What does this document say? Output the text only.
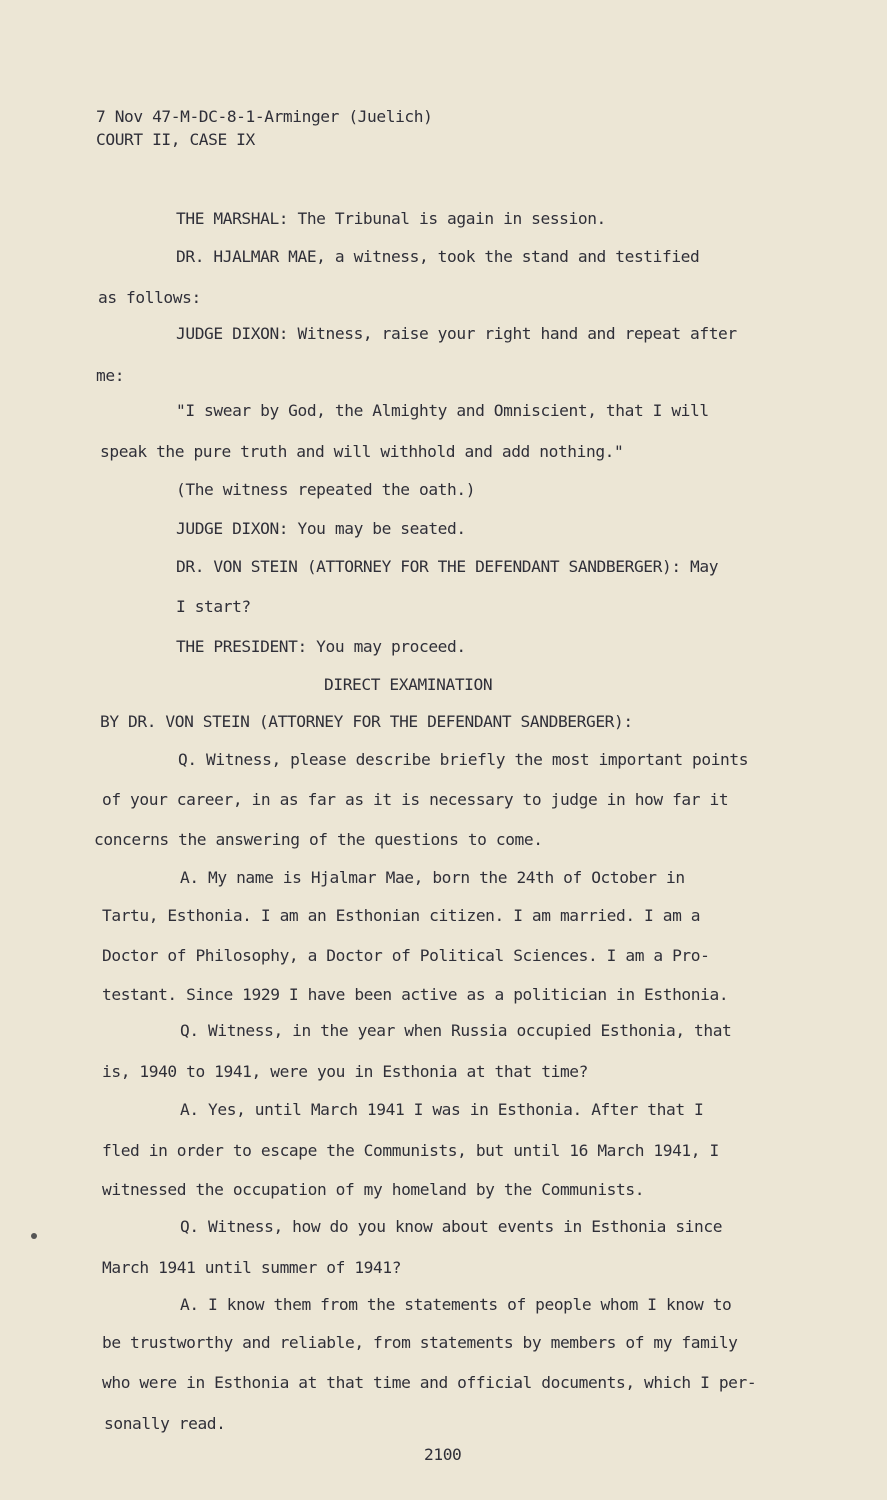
7 Nov 47-M-DC-8-1-Arminger (Juelich)
COURT II, CASE IX
THE MARSHAL: The Tribunal is again in session.
DR. HJALMAR MAE, a witness, took the stand and testified
as follows:
JUDGE DIXON: Witness, raise your right hand and repeat after
me:
"I swear by God, the Almighty and Omniscient, that I will
speak the pure truth and will withhold and add nothing."
(The witness repeated the oath.)
JUDGE DIXON: You may be seated.
DR. VON STEIN (ATTORNEY FOR THE DEFENDANT SANDBERGER): May
I start?
THE PRESIDENT: You may proceed.
DIRECT EXAMINATION
BY DR. VON STEIN (ATTORNEY FOR THE DEFENDANT SANDBERGER):
Q. Witness, please describe briefly the most important points
of your career, in as far as it is necessary to judge in how far it
concerns the answering of the questions to come.
A. My name is Hjalmar Mae, born the 24th of October in
Tartu, Esthonia. I am an Esthonian citizen. I am married. I am a
Doctor of Philosophy, a Doctor of Political Sciences. I am a Pro-
testant. Since 1929 I have been active as a politician in Esthonia.
Q. Witness, in the year when Russia occupied Esthonia, that
is, 1940 to 1941, were you in Esthonia at that time?
A. Yes, until March 1941 I was in Esthonia. After that I
fled in order to escape the Communists, but until 16 March 1941, I
witnessed the occupation of my homeland by the Communists.
Q. Witness, how do you know about events in Esthonia since
March 1941 until summer of 1941?
A. I know them from the statements of people whom I know to
be trustworthy and reliable, from statements by members of my family
who were in Esthonia at that time and official documents, which I per-
sonally read.
2100
